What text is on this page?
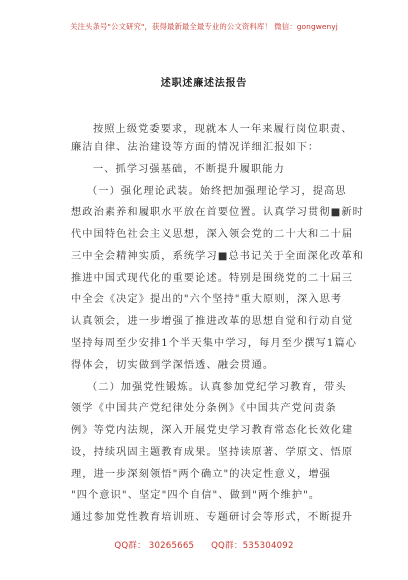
关注头条号"公文研究"，获得最新最全最专业的公文资料库！ 微信：gongwenyj
述职述廉述法报告
按照上级党委要求，现就本人一年来履行岗位职责、
廉洁自律、法治建设等方面的情况详细汇报如下：
一、抓学习强基础，不断提升履职能力
（一）强化理论武装。始终把加强理论学习，提高思
想政治素养和履职水平放在首要位置。认真学习贯彻■新时
代中国特色社会主义思想，深入领会党的二十大和二十届
三中全会精神实质，系统学习■总书记关于全面深化改革和
推进中国式现代化的重要论述。特别是围绕党的二十届三
中全会《决定》提出的"六个坚持"重大原则，深入思考
认真领会，进一步增强了推进改革的思想自觉和行动自觉
坚持每周至少安排1个半天集中学习，每月至少撰写1篇心
得体会，切实做到学深悟透、融会贯通。
（二）加强党性锻炼。认真参加党纪学习教育，带头
领学《中国共产党纪律处分条例》《中国共产党问责条
例》等党内法规，深入开展党史学习教育常态化长效化建
设，持续巩固主题教育成果。坚持读原著、学原文、悟原
理，进一步深刻领悟"两个确立"的决定性意义，增强
"四个意识"、坚定"四个自信"、做到"两个维护"。
通过参加党性教育培训班、专题研讨会等形式，不断提升
QQ群： 30265665 QQ群：535304092
